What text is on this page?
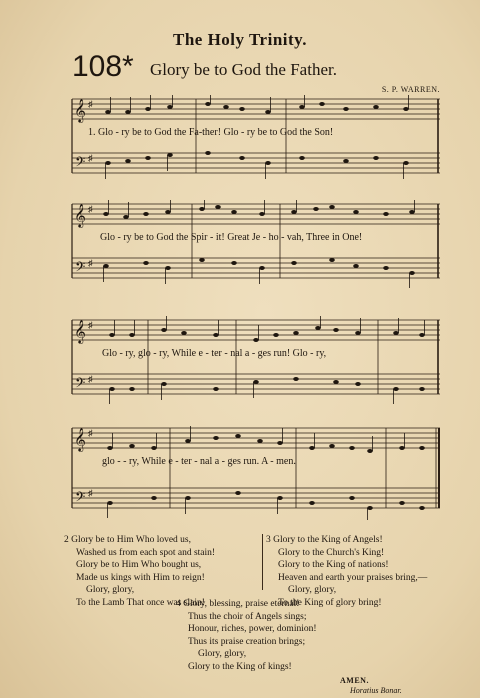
The Holy Trinity.
108* Glory be to God the Father.
S. P. WARREN.
𝄞
𝄢
♯
♯
1. Glo - ry be to God the Fa-ther! Glo - ry be to God the Son!
𝄞
𝄢
♯
♯
Glo - ry be to God the Spir - it! Great Je - ho - vah, Three in One!
𝄞
𝄢
♯
♯
Glo - ry, glo - ry, While e - ter - nal a - ges run! Glo - ry,
𝄞
𝄢
♯
♯
glo - - ry, While e - ter - nal a - ges run. A - men.
2 Glory be to Him Who loved us,
Washed us from each spot and stain!
Glory be to Him Who bought us,
Made us kings with Him to reign!
Glory, glory,
To the Lamb That once was slain!
3 Glory to the King of Angels!
Glory to the Church's King!
Glory to the King of nations!
Heaven and earth your praises bring,—
Glory, glory,
To the King of glory bring!
4 Glory, blessing, praise eternal!
Thus the choir of Angels sings;
Honour, riches, power, dominion!
Thus its praise creation brings;
Glory, glory,
Glory to the King of kings!
AMEN.
Horatius Bonar.
